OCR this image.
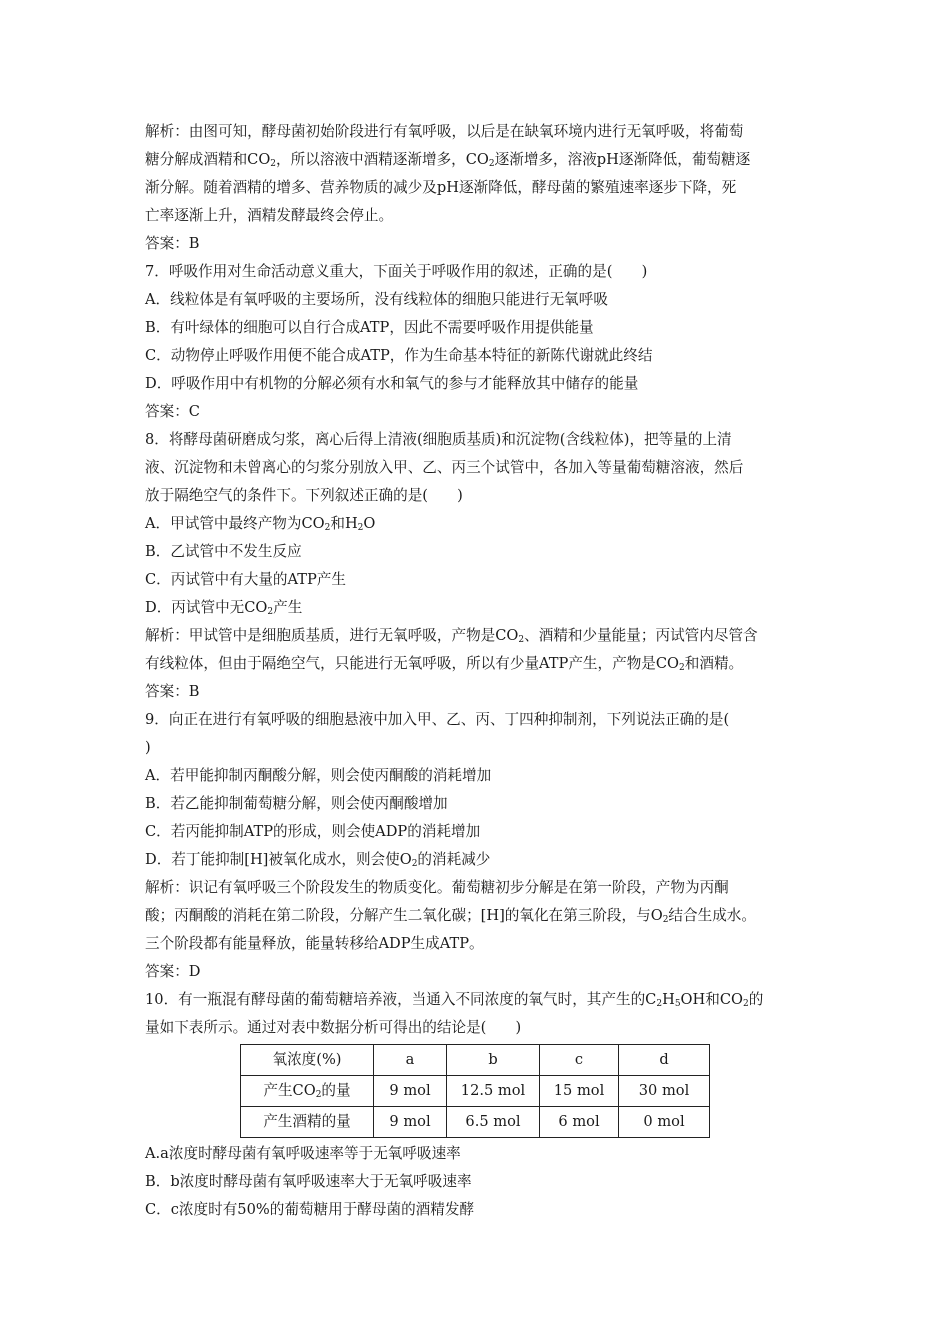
解析：由图可知，酵母菌初始阶段进行有氧呼吸，以后是在缺氧环境内进行无氧呼吸，将葡萄
糖分解成酒精和$CO_2$，所以溶液中酒精逐渐增多，$CO_2$逐渐增多，溶液pH逐渐降低，葡萄糖逐
渐分解。随着酒精的增多、营养物质的减少及pH逐渐降低，酵母菌的繁殖速率逐步下降，死
亡率逐渐上升，酒精发酵最终会停止。
答案：B
7．呼吸作用对生命活动意义重大，下面关于呼吸作用的叙述，正确的是(　　)
A．线粒体是有氧呼吸的主要场所，没有线粒体的细胞只能进行无氧呼吸
B．有叶绿体的细胞可以自行合成ATP，因此不需要呼吸作用提供能量
C．动物停止呼吸作用便不能合成ATP，作为生命基本特征的新陈代谢就此终结
D．呼吸作用中有机物的分解必须有水和氧气的参与才能释放其中储存的能量
答案：C
8．将酵母菌研磨成匀浆，离心后得上清液(细胞质基质)和沉淀物(含线粒体)，把等量的上清
液、沉淀物和未曾离心的匀浆分别放入甲、乙、丙三个试管中，各加入等量葡萄糖溶液，然后
放于隔绝空气的条件下。下列叙述正确的是(　　)
A．甲试管中最终产物为$CO_2$和$H_2O$
B．乙试管中不发生反应
C．丙试管中有大量的ATP产生
D．丙试管中无$CO_2$产生
解析：甲试管中是细胞质基质，进行无氧呼吸，产物是$CO_2$、酒精和少量能量；丙试管内尽管含
有线粒体，但由于隔绝空气，只能进行无氧呼吸，所以有少量ATP产生，产物是$CO_2$和酒精。
答案：B
9．向正在进行有氧呼吸的细胞悬液中加入甲、乙、丙、丁四种抑制剂，下列说法正确的是(
)
A．若甲能抑制丙酮酸分解，则会使丙酮酸的消耗增加
B．若乙能抑制葡萄糖分解，则会使丙酮酸增加
C．若丙能抑制ATP的形成，则会使ADP的消耗增加
D．若丁能抑制[H]被氧化成水，则会使$O_2$的消耗减少
解析：识记有氧呼吸三个阶段发生的物质变化。葡萄糖初步分解是在第一阶段，产物为丙酮
酸；丙酮酸的消耗在第二阶段，分解产生二氧化碳；[H]的氧化在第三阶段，与$O_2$结合生成水。
三个阶段都有能量释放，能量转移给ADP生成ATP。
答案：D
10．有一瓶混有酵母菌的葡萄糖培养液，当通入不同浓度的氧气时，其产生的$C_2H_5OH$和$CO_2$的
量如下表所示。通过对表中数据分析可得出的结论是(　　)
氧浓度(%)	a	b	c	d
产生$CO_2$的量	9 mol	12.5 mol	15 mol	30 mol
产生酒精的量	9 mol	6.5 mol	6 mol	0 mol
A.a浓度时酵母菌有氧呼吸速率等于无氧呼吸速率
B．b浓度时酵母菌有氧呼吸速率大于无氧呼吸速率
C．c浓度时有50%的葡萄糖用于酵母菌的酒精发酵
